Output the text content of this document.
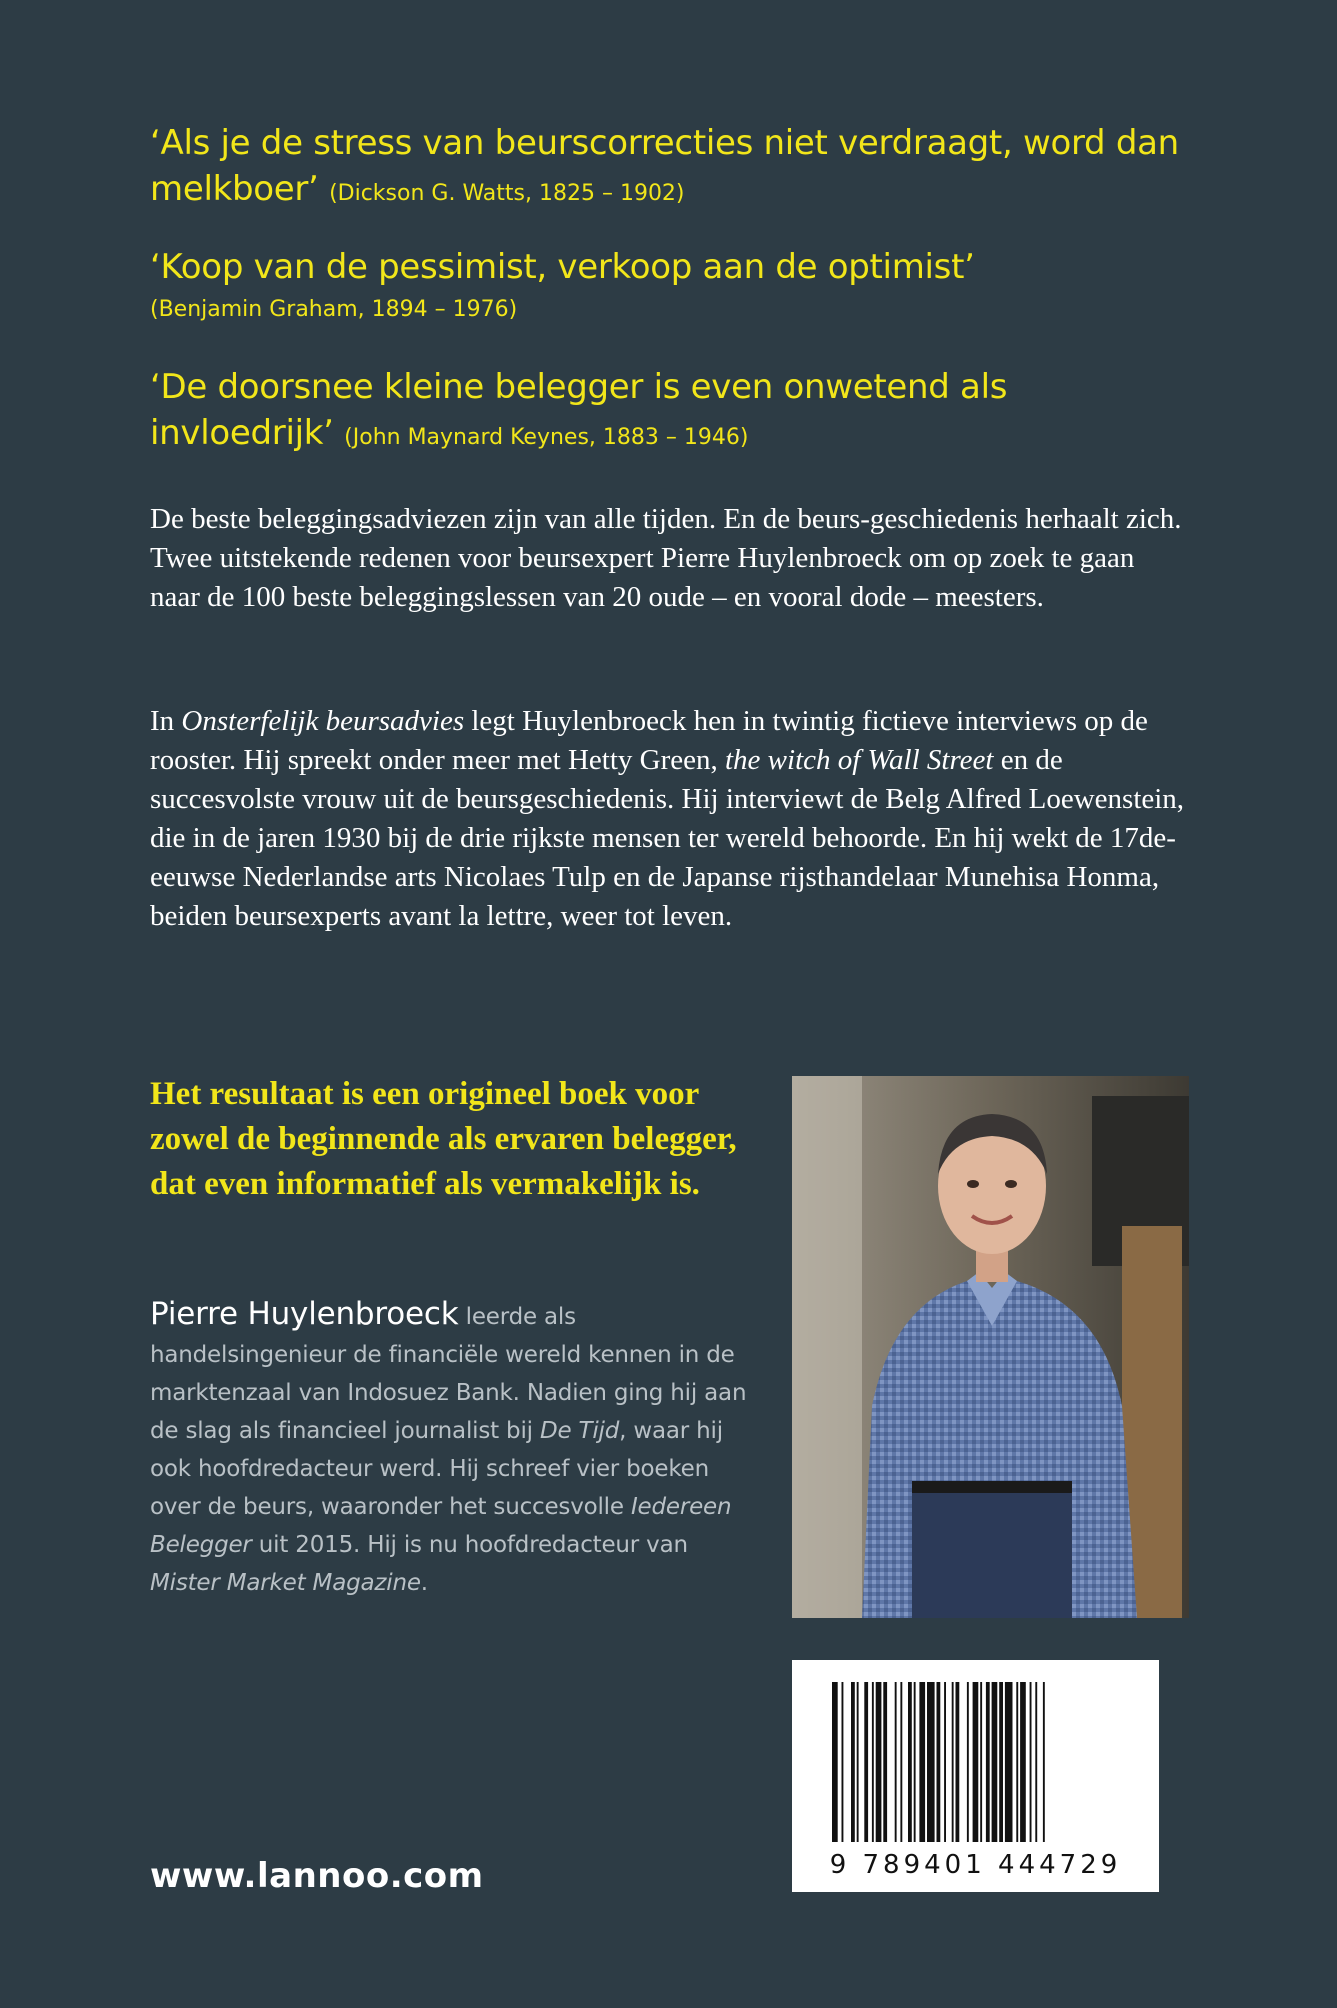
‘Als je de stress van beurscorrecties niet verdraagt, word dan melkboer’ (Dickson G. Watts, 1825 – 1902)
‘Koop van de pessimist, verkoop aan de optimist’
(Benjamin Graham, 1894 – 1976)
‘De doorsnee kleine belegger is even onwetend als invloedrijk’ (John Maynard Keynes, 1883 – 1946)

De beste beleggingsadviezen zijn van alle tijden. En de beurs-geschiedenis herhaalt zich. Twee uitstekende redenen voor beursexpert Pierre Huylenbroeck om op zoek te gaan naar de 100 beste beleggingslessen van 20 oude – en vooral dode – meesters.

In Onsterfelijk beursadvies legt Huylenbroeck hen in twintig fictieve interviews op de rooster. Hij spreekt onder meer met Hetty Green, the witch of Wall Street en de succesvolste vrouw uit de beursgeschiedenis. Hij interviewt de Belg Alfred Loewenstein, die in de jaren 1930 bij de drie rijkste mensen ter wereld behoorde. En hij wekt de 17de-eeuwse Nederlandse arts Nicolaes Tulp en de Japanse rijsthandelaar Munehisa Honma, beiden beursexperts avant la lettre, weer tot leven.

Het resultaat is een origineel boek voor zowel de beginnende als ervaren belegger, dat even informatief als vermakelijk is.

Pierre Huylenbroeck leerde als handelsingenieur de financiële wereld kennen in de marktenzaal van Indosuez Bank. Nadien ging hij aan de slag als financieel journalist bij De Tijd, waar hij ook hoofdredacteur werd. Hij schreef vier boeken over de beurs, waaronder het succesvolle Iedereen Belegger uit 2015. Hij is nu hoofdredacteur van Mister Market Magazine.

9 789401 444729
www.lannoo.com
